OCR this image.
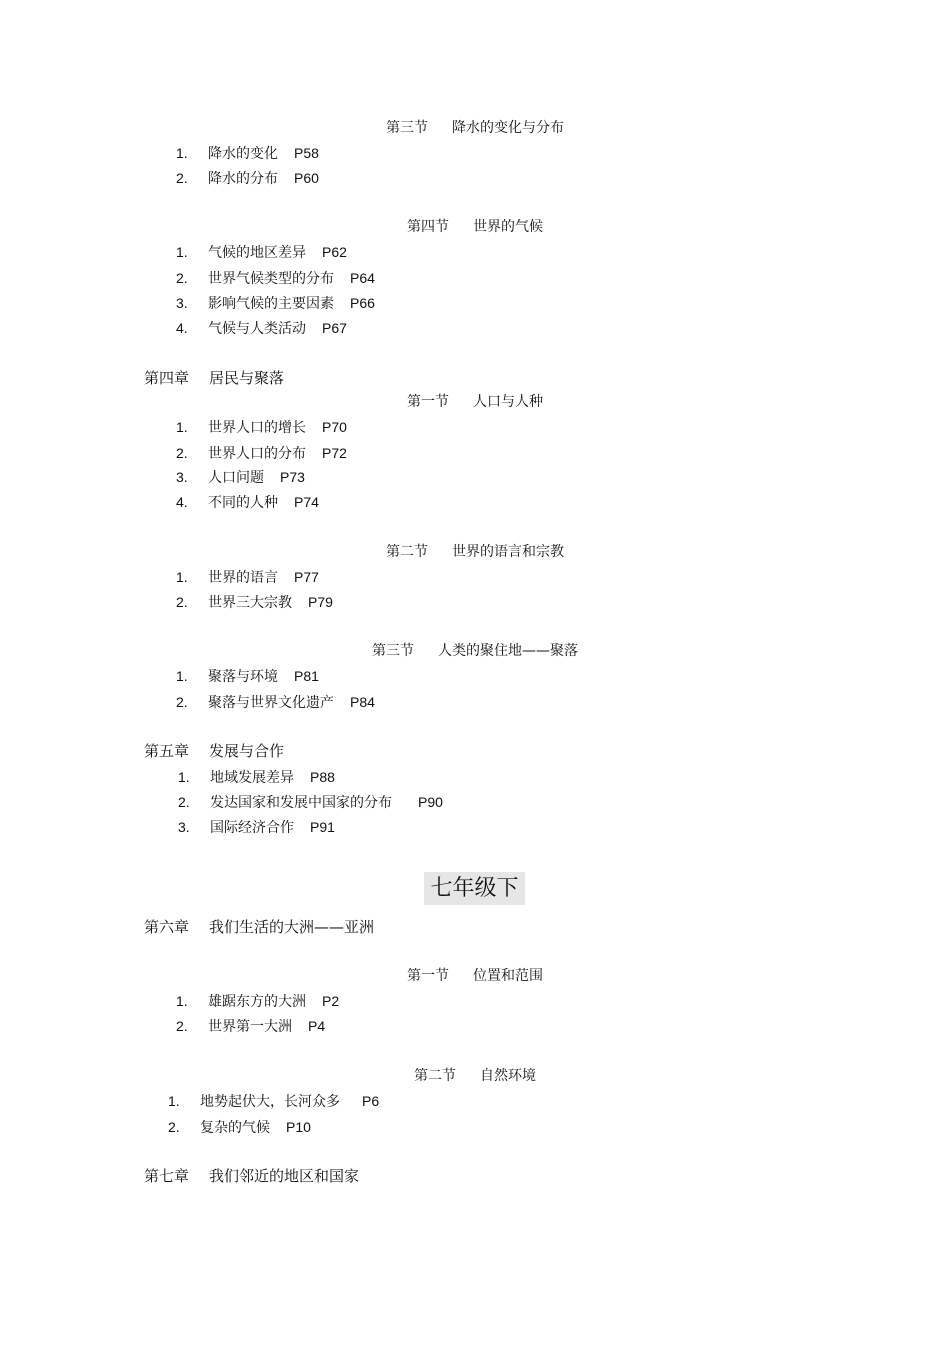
第三节 降水的变化与分布
1. 降水的变化 P58
2. 降水的分布 P60
第四节 世界的气候
1. 气候的地区差异 P62
2. 世界气候类型的分布 P64
3. 影响气候的主要因素 P66
4. 气候与人类活动 P67
第四章 居民与聚落
第一节 人口与人种
1. 世界人口的增长 P70
2. 世界人口的分布 P72
3. 人口问题 P73
4. 不同的人种 P74
第二节 世界的语言和宗教
1. 世界的语言 P77
2. 世界三大宗教 P79
第三节 人类的聚住地——聚落
1. 聚落与环境 P81
2. 聚落与世界文化遗产 P84
第五章 发展与合作
1. 地域发展差异 P88
2. 发达国家和发展中国家的分布 P90
3. 国际经济合作 P91
七年级下
第六章 我们生活的大洲——亚洲
第一节 位置和范围
1. 雄踞东方的大洲 P2
2. 世界第一大洲 P4
第二节 自然环境
1. 地势起伏大，长河众多 P6
2. 复杂的气候 P10
第七章 我们邻近的地区和国家
